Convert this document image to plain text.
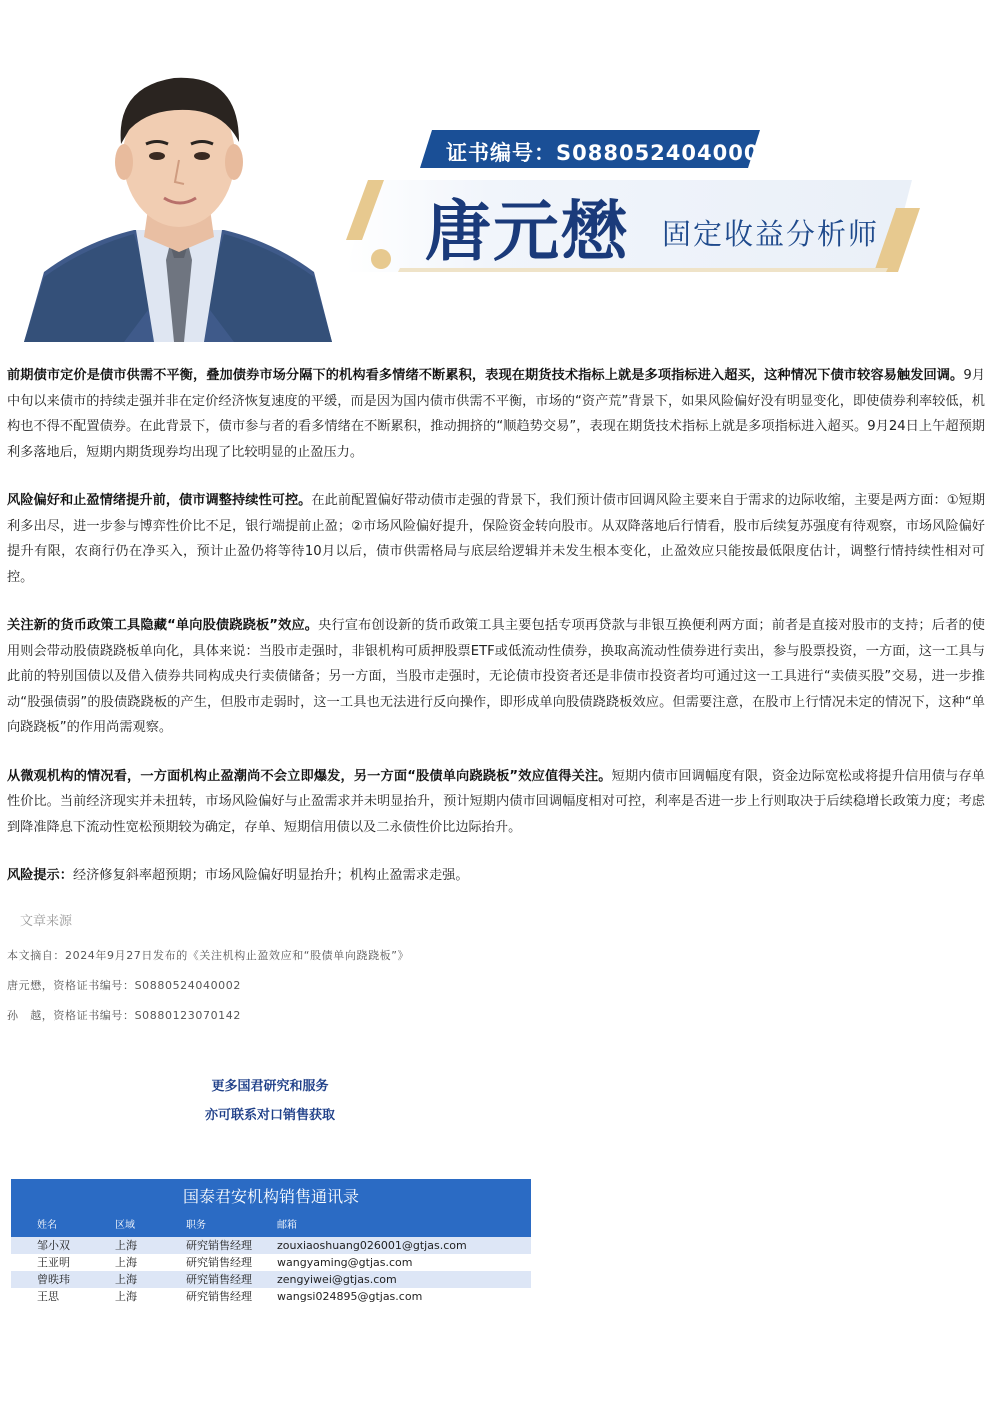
证书编号：S0880524040002
唐元懋 固定收益分析师

前期债市定价是债市供需不平衡，叠加债券市场分隔下的机构看多情绪不断累积，表现在期货技术指标上就是多项指标进入超买，这种情况下债市较容易触发回调。9月中旬以来债市的持续走强并非在定价经济恢复速度的平缓，而是因为国内债市供需不平衡，市场的“资产荒”背景下，如果风险偏好没有明显变化，即使债券利率较低，机构也不得不配置债券。在此背景下，债市参与者的看多情绪在不断累积，推动拥挤的“顺趋势交易”，表现在期货技术指标上就是多项指标进入超买。9月24日上午超预期利多落地后，短期内期货现券均出现了比较明显的止盈压力。

风险偏好和止盈情绪提升前，债市调整持续性可控。在此前配置偏好带动债市走强的背景下，我们预计债市回调风险主要来自于需求的边际收缩，主要是两方面：①短期利多出尽，进一步参与博弈性价比不足，银行端提前止盈；②市场风险偏好提升，保险资金转向股市。从双降落地后行情看，股市后续复苏强度有待观察，市场风险偏好提升有限，农商行仍在净买入，预计止盈仍将等待10月以后，债市供需格局与底层给逻辑并未发生根本变化，止盈效应只能按最低限度估计，调整行情持续性相对可控。

关注新的货币政策工具隐藏“单向股债跷跷板”效应。央行宣布创设新的货币政策工具主要包括专项再贷款与非银互换便利两方面；前者是直接对股市的支持；后者的使用则会带动股债跷跷板单向化，具体来说：当股市走强时，非银机构可质押股票ETF或低流动性债券，换取高流动性债券进行卖出，参与股票投资，一方面，这一工具与此前的特别国债以及借入债券共同构成央行卖债储备；另一方面，当股市走强时，无论债市投资者还是非债市投资者均可通过这一工具进行“卖债买股”交易，进一步推动“股强债弱”的股债跷跷板的产生，但股市走弱时，这一工具也无法进行反向操作，即形成单向股债跷跷板效应。但需要注意，在股市上行情况未定的情况下，这种“单向跷跷板”的作用尚需观察。

从微观机构的情况看，一方面机构止盈潮尚不会立即爆发，另一方面“股债单向跷跷板”效应值得关注。短期内债市回调幅度有限，资金边际宽松或将提升信用债与存单性价比。当前经济现实并未扭转，市场风险偏好与止盈需求并未明显抬升，预计短期内债市回调幅度相对可控，利率是否进一步上行则取决于后续稳增长政策力度；考虑到降准降息下流动性宽松预期较为确定，存单、短期信用债以及二永债性价比边际抬升。

风险提示：经济修复斜率超预期；市场风险偏好明显抬升；机构止盈需求走强。

文章来源
本文摘自：2024年9月27日发布的《关注机构止盈效应和“股债单向跷跷板”》
唐元懋，资格证书编号：S0880524040002
孙　越，资格证书编号：S0880123070142
更多国君研究和服务
亦可联系对口销售获取
国泰君安机构销售通讯录
姓名	区域	职务	邮箱
邹小双	上海	研究销售经理 zouxiaoshuang026001@gtjas.com
王亚明	上海	研究销售经理 wangyaming@gtjas.com
曾昳玮	上海	研究销售经理 zengyiwei@gtjas.com
王思	上海	研究销售经理 wangsi024895@gtjas.com
